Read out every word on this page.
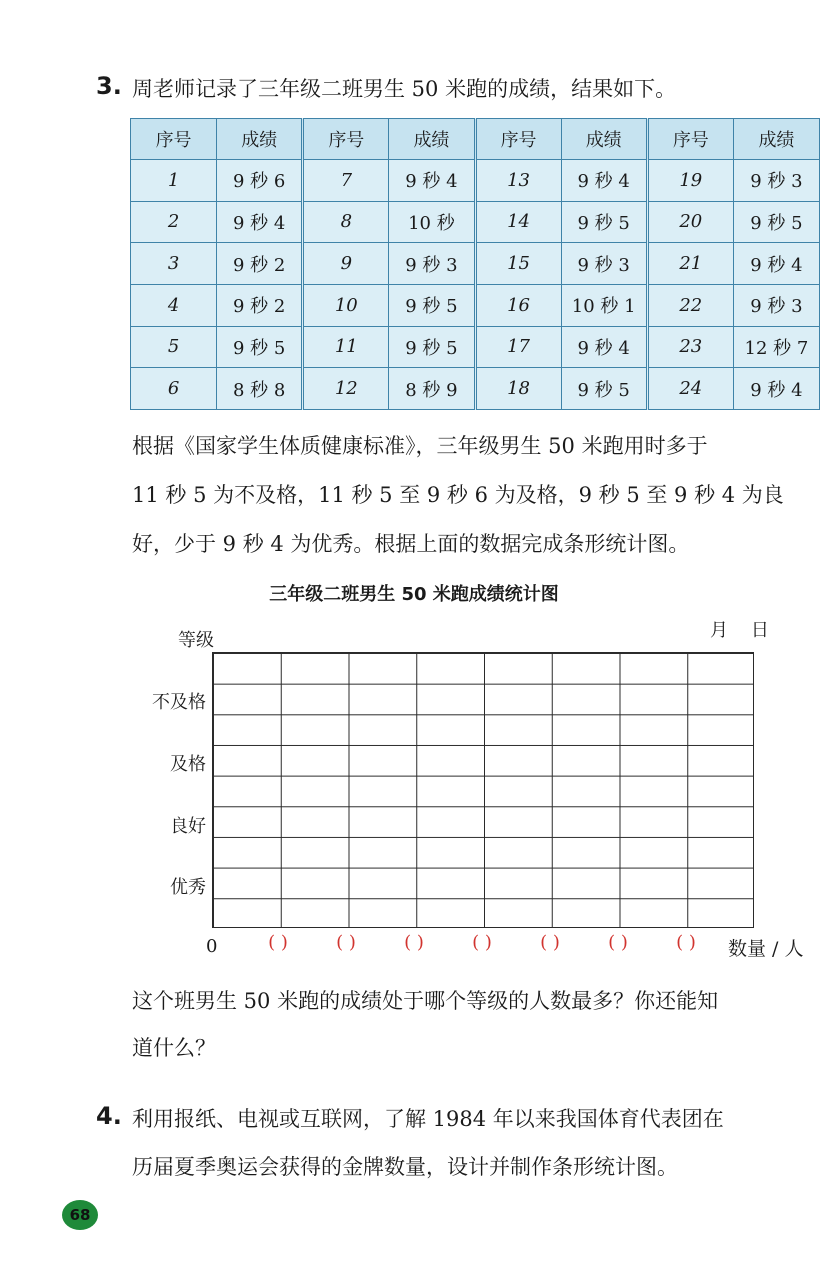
3. 周老师记录了三年级二班男生 50 米跑的成绩，结果如下。
序号	成绩	序号	成绩	序号	成绩	序号	成绩
1	9 秒 6	7	9 秒 4	13	9 秒 4	19	9 秒 3
2	9 秒 4	8	10 秒	14	9 秒 5	20	9 秒 5
3	9 秒 2	9	9 秒 3	15	9 秒 3	21	9 秒 4
4	9 秒 2	10	9 秒 5	16	10 秒 1	22	9 秒 3
5	9 秒 5	11	9 秒 5	17	9 秒 4	23	12 秒 7
6	8 秒 8	12	8 秒 9	18	9 秒 5	24	9 秒 4
根据《国家学生体质健康标准》，三年级男生 50 米跑用时多于
11 秒 5 为不及格，11 秒 5 至 9 秒 6 为及格，9 秒 5 至 9 秒 4 为良
好，少于 9 秒 4 为优秀。根据上面的数据完成条形统计图。
三年级二班男生 50 米跑成绩统计图
等级	月    日
不及格
及格
良好
优秀
0	( )	( )	( )	( )	( )	( )	( )	数量 / 人
这个班男生 50 米跑的成绩处于哪个等级的人数最多？你还能知
道什么？
4. 利用报纸、电视或互联网，了解 1984 年以来我国体育代表团在
历届夏季奥运会获得的金牌数量，设计并制作条形统计图。
68
